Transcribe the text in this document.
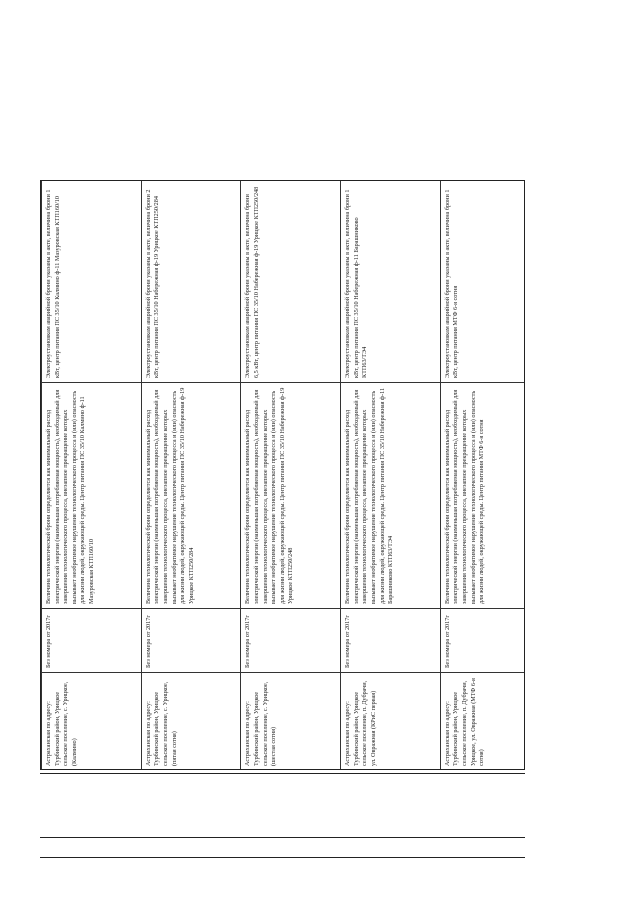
Астраханская по адресу: Турбинский район, Урицкое сельское поселение, с. Урицкое, (Калмино)	Без номера от 2017г	Величина технологической брони определяется как минимальный расход электрической энергии (наименьшая потребляемая мощность), необходимый для завершения технологического процесса, внезапное прекращение которых вызывает необратимое нарушение технологического процесса и (или) опасность для жизни людей, окружающей среды. Центр питания ПС 35/10 Калмино ф-11 Мазуровская КТП160/10	Электроустановкам аварийной брони указаны в акте, величина брони 1 кВт, центр питания ПС 35/10 Калмино ф-11 Мазуровская КТП160/10
Астраханская по адресу: Турбинский район, Урицкое сельское поселение, с. Урицкое, (пятая сотня)	Без номера от 2017г	Величина технологической брони определяется как минимальный расход электрической энергии (наименьшая потребляемая мощность), необходимый для завершения технологического процесса, внезапное прекращение которых вызывает необратимое нарушение технологического процесса и (или) опасность для жизни людей, окружающей среды. Центр питания ПС 35/10 Набережная ф-19 Урицкое КТП250/284	Электроустановкам аварийной брони указаны в акте, величина брони 2 кВт, центр питания ПС 35/10 Набережная ф-19 Урицкое КТП250/284
Астраханская по адресу: Турбинский район, Урицкое сельское поселение, с. Урицкое, (шестая сотня)	Без номера от 2017г	Величина технологической брони определяется как минимальный расход электрической энергии (наименьшая потребляемая мощность), необходимый для завершения технологического процесса, внезапное прекращение которых вызывает необратимое нарушение технологического процесса и (или) опасность для жизни людей, окружающей среды. Центр питания ПС 35/10 Набережная ф-19 Урицкое КТП250/248	Электроустановкам аварийной брони указаны в акте, величина брони 6,5 кВт, центр питания ПС 35/10 Набережная ф-19 Урицкое КТП250/248
Астраханская по адресу: Турбинский район, Урицкое сельское поселение, п. Дубрачи, ул. Овражная (КРиС первая)	Без номера от 2017г	Величина технологической брони определяется как минимальный расход электрической энергии (наименьшая потребляемая мощность), необходимый для завершения технологического процесса, внезапное прекращение которых вызывает необратимое нарушение технологического процесса и (или) опасность для жизни людей, окружающей среды. Центр питания ПС 35/10 Набережная ф-11 Барашниково КТП63/TЭ4	Электроустановкам аварийной брони указаны в акте, величина брони 1 кВт, центр питания ПС 35/10 Набережная ф-11 Барашниково КТП63/TЭ4
Астраханская по адресу: Турбинский район, Урицкое сельское поселение, п. Дубрачи, Урицкое, ул. Овражная (МТФ 6-я сотня)	Без номера от 2017г	Величина технологической брони определяется как минимальный расход электрической энергии (наименьшая потребляемая мощность), необходимый для завершения технологического процесса, внезапное прекращение которых вызывает необратимое нарушение технологического процесса и (или) опасность для жизни людей, окружающей среды. Центр питания МТФ 6-я сотня	Электроустановкам аварийной брони указаны в акте, величина брони 1 кВт, центр питания МТФ 6-я сотня
